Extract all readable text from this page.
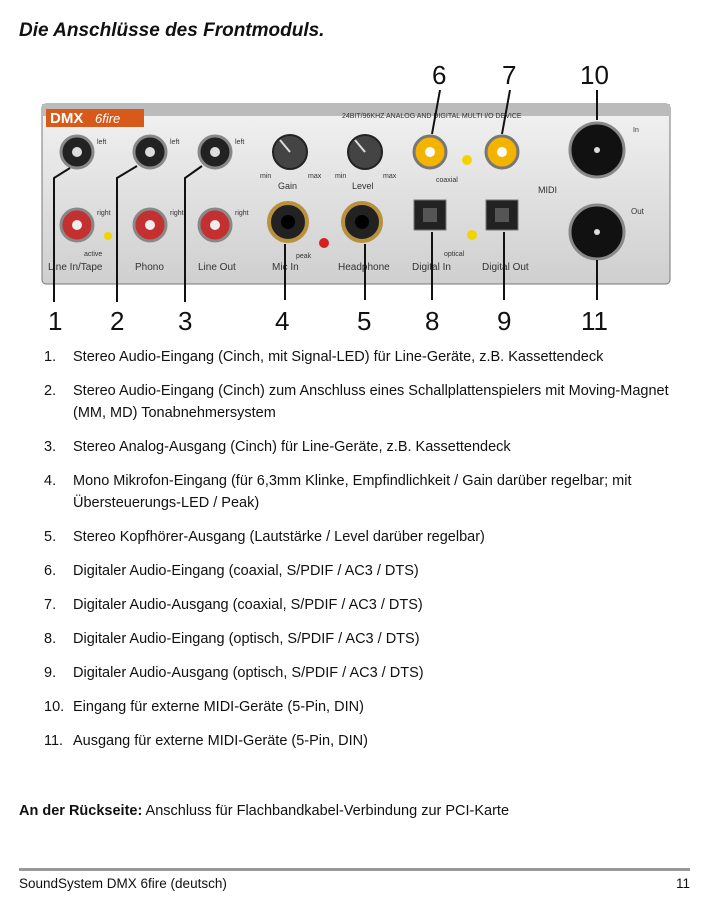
Die Anschlüsse des Frontmoduls.
DMX 6fire	24BIT/96KHZ ANALOG AND DIGITAL MULTI I/O DEVICE
left
right
active
Line In/Tape
left
right
Phono
left
right
Line Out
min	max
Gain
min	max
Level
peak
Mic In	Headphone
coaxial
optical
Digital In	Digital Out
In
MIDI
Out
6 7 10
1 2 3	4	5 8 9	11
1.	Stereo Audio-Eingang (Cinch, mit Signal-LED) für Line-Geräte, z.B. Kassettendeck
2.	Stereo Audio-Eingang (Cinch) zum Anschluss eines Schallplattenspielers mit Moving-Magnet (MM, MD) Tonabnehmersystem
3.	Stereo Analog-Ausgang (Cinch) für Line-Geräte, z.B. Kassettendeck
4.	Mono Mikrofon-Eingang (für 6,3mm Klinke, Empfindlichkeit / Gain darüber regelbar; mit Übersteuerungs-LED / Peak)
5.	Stereo Kopfhörer-Ausgang (Lautstärke / Level darüber regelbar)
6.	Digitaler Audio-Eingang (coaxial, S/PDIF / AC3 / DTS)
7.	Digitaler Audio-Ausgang (coaxial, S/PDIF / AC3 / DTS)
8.	Digitaler Audio-Eingang (optisch, S/PDIF / AC3 / DTS)
9.	Digitaler Audio-Ausgang (optisch, S/PDIF / AC3 / DTS)
10. Eingang für externe MIDI-Geräte (5-Pin, DIN)
11. Ausgang für externe MIDI-Geräte (5-Pin, DIN)
An der Rückseite: Anschluss für Flachbandkabel-Verbindung zur PCI-Karte
SoundSystem DMX 6fire (deutsch)	11
